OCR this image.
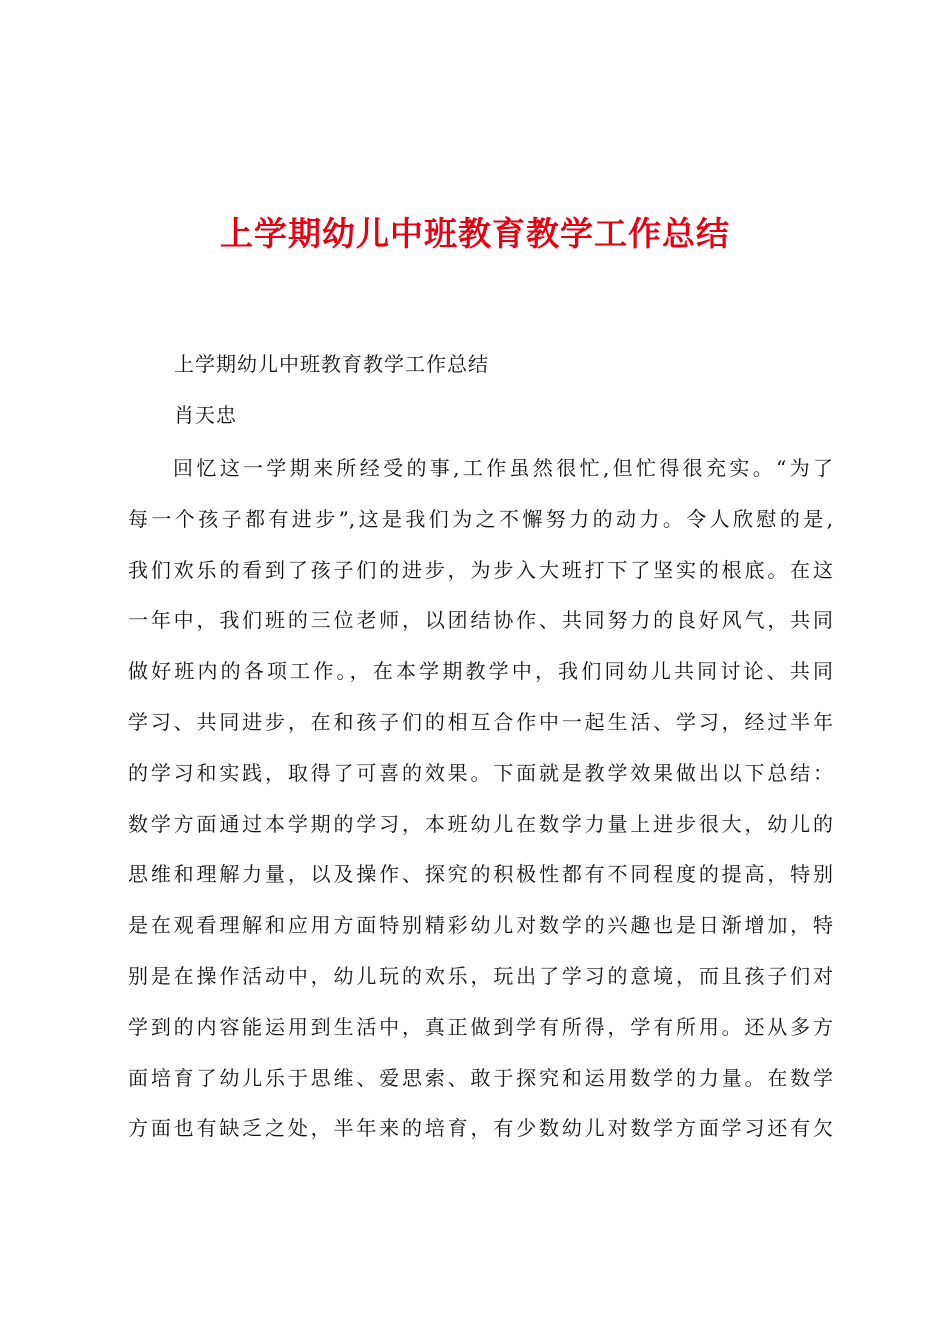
上学期幼儿中班教育教学工作总结
上学期幼儿中班教育教学工作总结
肖天忠
回忆这一学期来所经受的事,工作虽然很忙,但忙得很充实。“为了
每一个孩子都有进步”,这是我们为之不懈努力的动力。令人欣慰的是,
我们欢乐的看到了孩子们的进步，为步入大班打下了坚实的根底。在这
一年中，我们班的三位老师，以团结协作、共同努力的良好风气，共同
做好班内的各项工作。，在本学期教学中，我们同幼儿共同讨论、共同
学习、共同进步，在和孩子们的相互合作中一起生活、学习，经过半年
的学习和实践，取得了可喜的效果。下面就是教学效果做出以下总结：
数学方面通过本学期的学习，本班幼儿在数学力量上进步很大，幼儿的
思维和理解力量，以及操作、探究的积极性都有不同程度的提高，特别
是在观看理解和应用方面特别精彩幼儿对数学的兴趣也是日渐增加，特
别是在操作活动中，幼儿玩的欢乐，玩出了学习的意境，而且孩子们对
学到的内容能运用到生活中，真正做到学有所得，学有所用。还从多方
面培育了幼儿乐于思维、爱思索、敢于探究和运用数学的力量。在数学
方面也有缺乏之处，半年来的培育，有少数幼儿对数学方面学习还有欠
